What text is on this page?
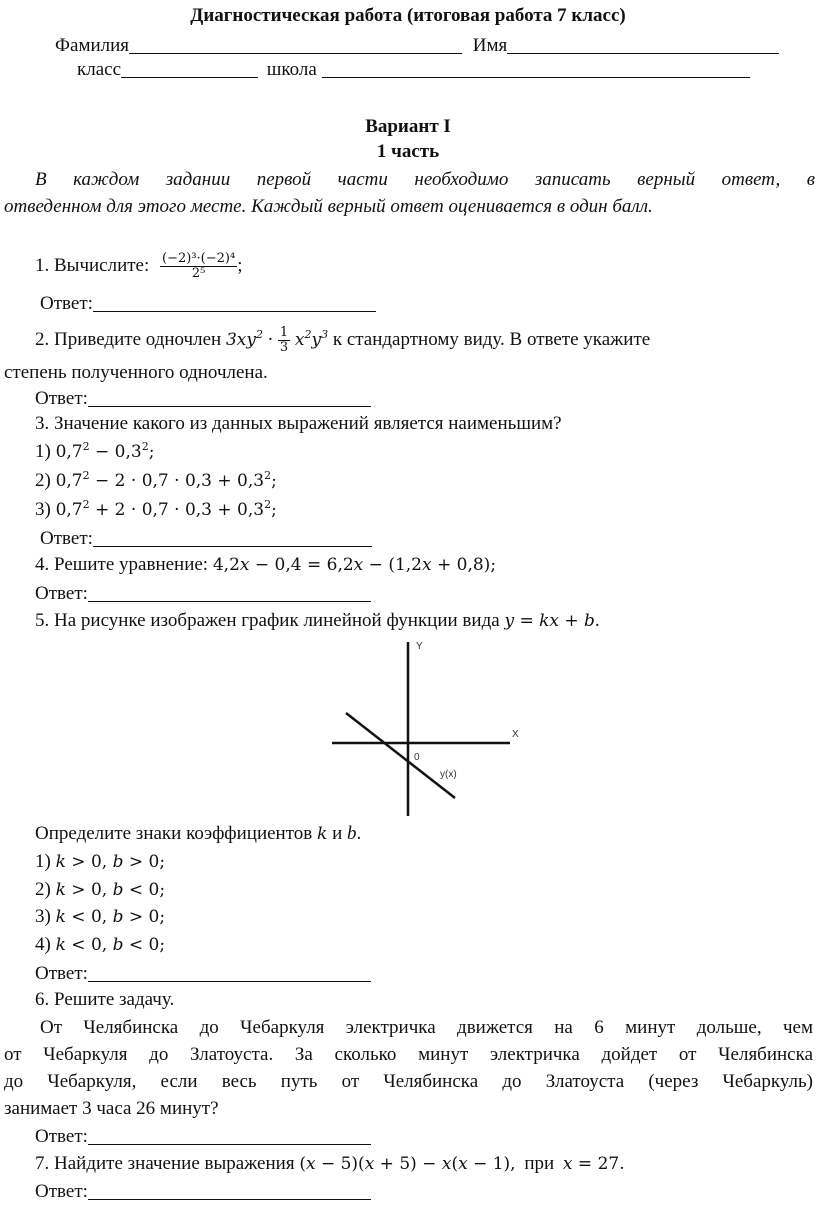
Диагностическая работа (итоговая работа 7 класс)
Фамилия	Имя
класс	школа
Вариант I
1 часть
В каждом задании первой части необходимо записать верный ответ, в
отведенном для этого месте. Каждый верный ответ оценивается в один балл.
1. Вычислите: $\frac{\text{(−2)³·(−2)⁴}}{\text{2⁵}}$ ;
Ответ:
2. Приведите одночлен $3xy^2 \cdot \frac{1}{3} x^2y^3$ к стандартному виду. В ответе укажите
степень полученного одночлена.
Ответ:
3. Значение какого из данных выражений является наименьшим?
1) $0,7^2 - 0,3^2$;
2) $0,7^2 - 2 \cdot 0,7 \cdot 0,3 + 0,3^2$;
3) $0,7^2 + 2 \cdot 0,7 \cdot 0,3 + 0,3^2$;
Ответ:
4. Решите уравнение: 4,2x − 0,4 = 6,2x − (1,2x + 0,8);
Ответ:
5. На рисунке изображен график линейной функции вида y = kx + b.
Y
X
0
y(x)
Определите знаки коэффициентов k и b.
1) k > 0, b > 0;
2) k > 0, b < 0;
3) k < 0, b > 0;
4) k < 0, b < 0;
Ответ:
6. Решите задачу.
От Челябинска до Чебаркуля электричка движется на 6 минут дольше, чем
от Чебаркуля до Златоуста. За сколько минут электричка дойдет от Челябинска
до Чебаркуля, если весь путь от Челябинска до Златоуста (через Чебаркуль)
занимает 3 часа 26 минут?
Ответ:
7. Найдите значение выражения (x − 5)(x + 5) − x(x − 1), при x = 27.
Ответ:
